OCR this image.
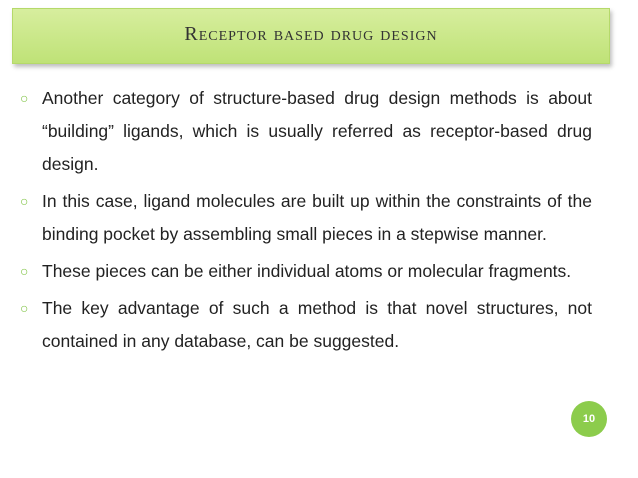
Receptor based drug design
○ Another category of structure-based drug design methods is about “building” ligands, which is usually referred as receptor-based drug design.
○ In this case, ligand molecules are built up within the constraints of the binding pocket by assembling small pieces in a stepwise manner.
○ These pieces can be either individual atoms or molecular fragments.
○ The key advantage of such a method is that novel structures, not contained in any database, can be suggested.
10
